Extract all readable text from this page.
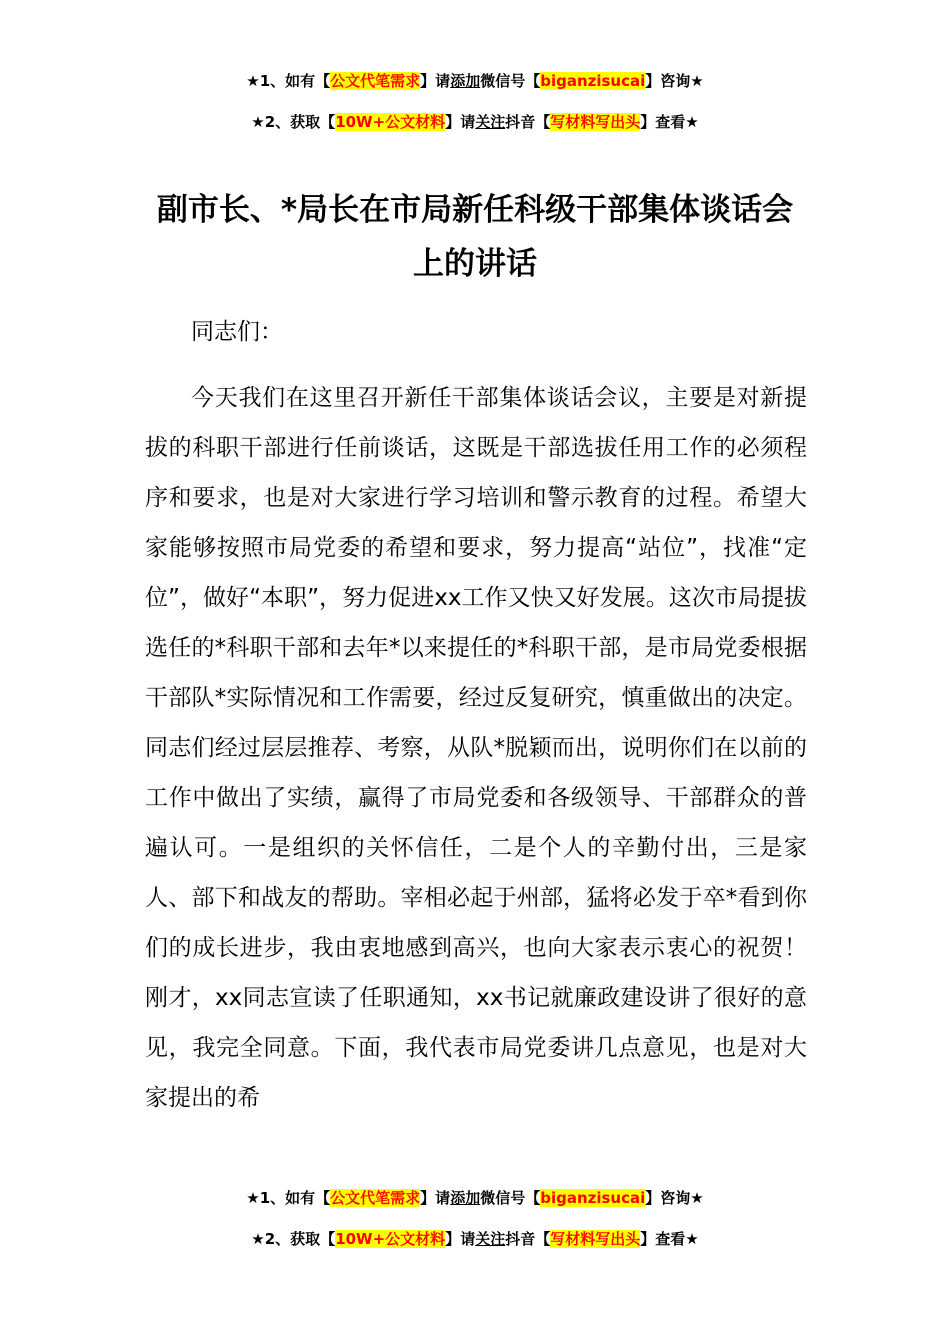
★1、如有【公文代笔需求】请添加微信号【biganzisucai】咨询★
★2、获取【10W+公文材料】请关注抖音【写材料写出头】查看★
副市长、*局长在市局新任科级干部集体谈话会上的讲话
同志们：
今天我们在这里召开新任干部集体谈话会议，主要是对新提拔的科职干部进行任前谈话，这既是干部选拔任用工作的必须程序和要求，也是对大家进行学习培训和警示教育的过程。希望大家能够按照市局党委的希望和要求，努力提高“站位”，找准“定位”，做好“本职”，努力促进xx工作又快又好发展。这次市局提拔选任的*科职干部和去年*以来提任的*科职干部，是市局党委根据干部队*实际情况和工作需要，经过反复研究，慎重做出的决定。同志们经过层层推荐、考察，从队*脱颖而出，说明你们在以前的工作中做出了实绩，赢得了市局党委和各级领导、干部群众的普遍认可。一是组织的关怀信任，二是个人的辛勤付出，三是家人、部下和战友的帮助。宰相必起于州部，猛将必发于卒*看到你们的成长进步，我由衷地感到高兴，也向大家表示衷心的祝贺！刚才，xx同志宣读了任职通知，xx书记就廉政建设讲了很好的意见，我完全同意。下面，我代表市局党委讲几点意见，也是对大家提出的希
★1、如有【公文代笔需求】请添加微信号【biganzisucai】咨询★
★2、获取【10W+公文材料】请关注抖音【写材料写出头】查看★
